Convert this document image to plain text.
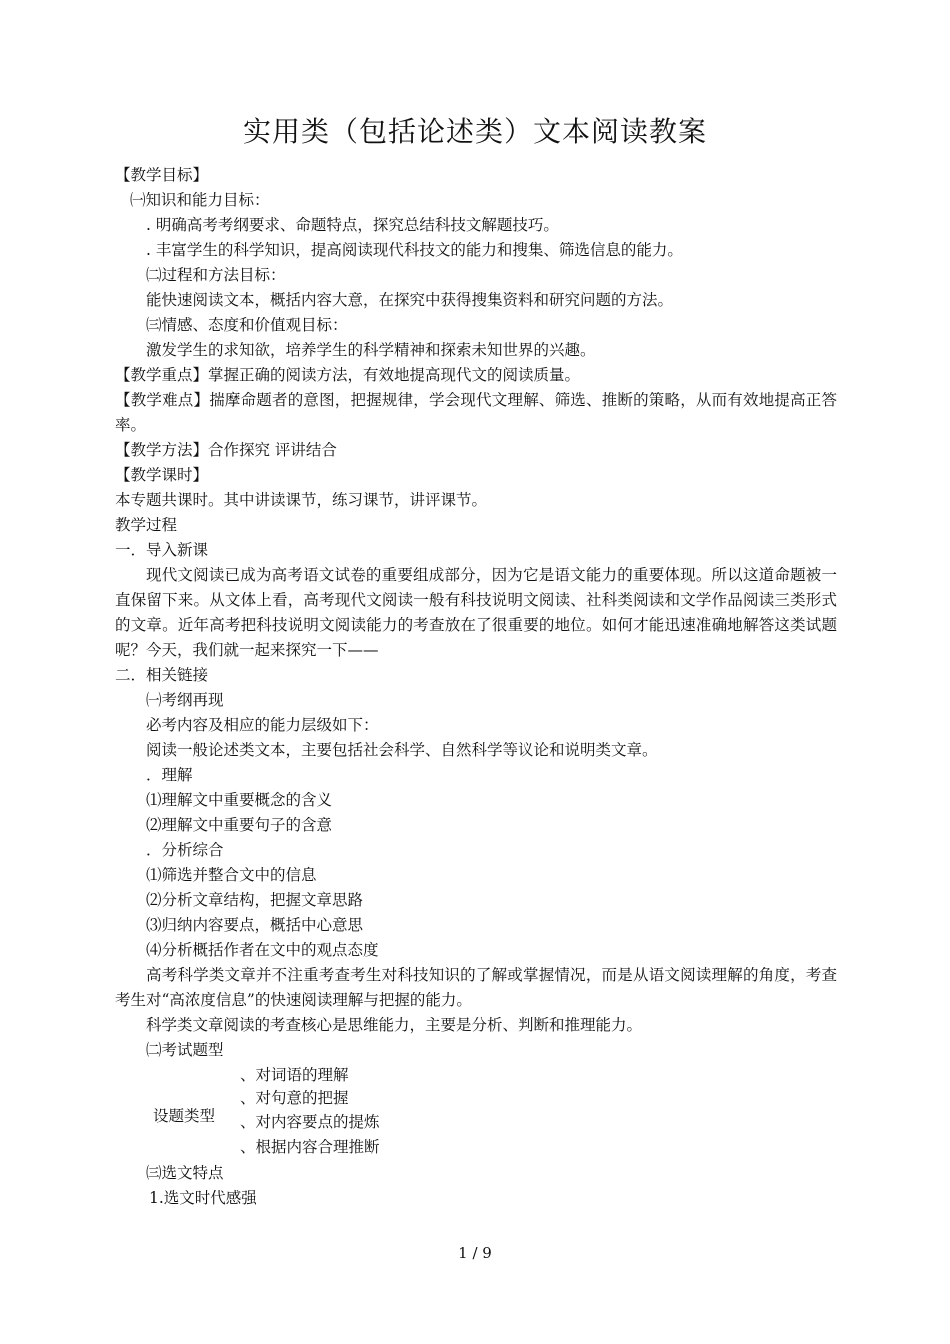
实用类（包括论述类）文本阅读教案
【教学目标】
㈠知识和能力目标：
. 明确高考考纲要求、命题特点，探究总结科技文解题技巧。
. 丰富学生的科学知识，提高阅读现代科技文的能力和搜集、筛选信息的能力。
㈡过程和方法目标：
能快速阅读文本，概括内容大意，在探究中获得搜集资料和研究问题的方法。
㈢情感、态度和价值观目标：
激发学生的求知欲，培养学生的科学精神和探索未知世界的兴趣。
【教学重点】掌握正确的阅读方法，有效地提高现代文的阅读质量。
【教学难点】揣摩命题者的意图，把握规律，学会现代文理解、筛选、推断的策略，从而有效地提高正答率。
【教学方法】合作探究 评讲结合
【教学课时】
本专题共课时。其中讲读课节，练习课节，讲评课节。
教学过程
一．导入新课
现代文阅读已成为高考语文试卷的重要组成部分，因为它是语文能力的重要体现。所以这道命题被一直保留下来。从文体上看，高考现代文阅读一般有科技说明文阅读、社科类阅读和文学作品阅读三类形式的文章。近年高考把科技说明文阅读能力的考查放在了很重要的地位。如何才能迅速准确地解答这类试题呢？今天，我们就一起来探究一下——
二．相关链接
㈠考纲再现
必考内容及相应的能力层级如下：
阅读一般论述类文本，主要包括社会科学、自然科学等议论和说明类文章。
．理解
⑴理解文中重要概念的含义
⑵理解文中重要句子的含意
．分析综合
⑴筛选并整合文中的信息
⑵分析文章结构，把握文章思路
⑶归纳内容要点，概括中心意思
⑷分析概括作者在文中的观点态度
高考科学类文章并不注重考查考生对科技知识的了解或掌握情况，而是从语文阅读理解的角度，考查考生对“高浓度信息”的快速阅读理解与把握的能力。
科学类文章阅读的考查核心是思维能力，主要是分析、判断和推理能力。
㈡考试题型
设题类型
、对词语的理解
、对句意的把握
、对内容要点的提炼
、根据内容合理推断
㈢选文特点
1.选文时代感强
1 / 9
